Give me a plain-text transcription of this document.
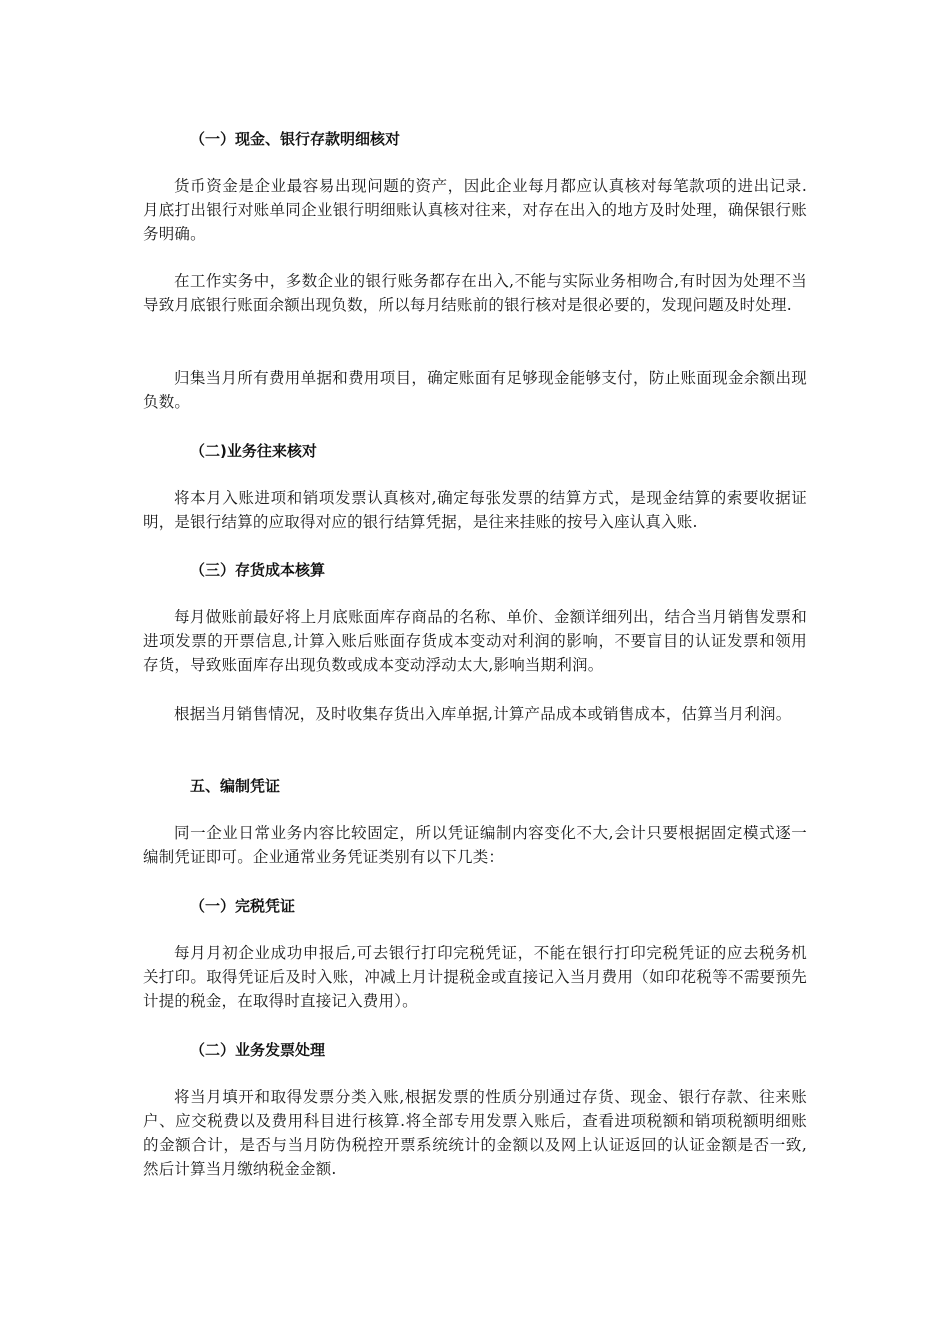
（一）现金、银行存款明细核对

货币资金是企业最容易出现问题的资产，因此企业每月都应认真核对每笔款项的进出记录.月底打出银行对账单同企业银行明细账认真核对往来，对存在出入的地方及时处理，确保银行账务明确。

在工作实务中，多数企业的银行账务都存在出入,不能与实际业务相吻合,有时因为处理不当导致月底银行账面余额出现负数，所以每月结账前的银行核对是很必要的，发现问题及时处理.

归集当月所有费用单据和费用项目，确定账面有足够现金能够支付，防止账面现金余额出现负数。

（二)业务往来核对

将本月入账进项和销项发票认真核对,确定每张发票的结算方式，是现金结算的索要收据证明，是银行结算的应取得对应的银行结算凭据，是往来挂账的按号入座认真入账.

（三）存货成本核算

每月做账前最好将上月底账面库存商品的名称、单价、金额详细列出，结合当月销售发票和进项发票的开票信息,计算入账后账面存货成本变动对利润的影响，不要盲目的认证发票和领用存货，导致账面库存出现负数或成本变动浮动太大,影响当期利润。

根据当月销售情况，及时收集存货出入库单据,计算产品成本或销售成本，估算当月利润。

五、编制凭证

同一企业日常业务内容比较固定，所以凭证编制内容变化不大,会计只要根据固定模式逐一编制凭证即可。企业通常业务凭证类别有以下几类：

（一）完税凭证

每月月初企业成功申报后,可去银行打印完税凭证，不能在银行打印完税凭证的应去税务机关打印。取得凭证后及时入账，冲减上月计提税金或直接记入当月费用（如印花税等不需要预先计提的税金，在取得时直接记入费用）。

（二）业务发票处理

将当月填开和取得发票分类入账,根据发票的性质分别通过存货、现金、银行存款、往来账户、应交税费以及费用科目进行核算.将全部专用发票入账后，查看进项税额和销项税额明细账的金额合计，是否与当月防伪税控开票系统统计的金额以及网上认证返回的认证金额是否一致,然后计算当月缴纳税金金额.
